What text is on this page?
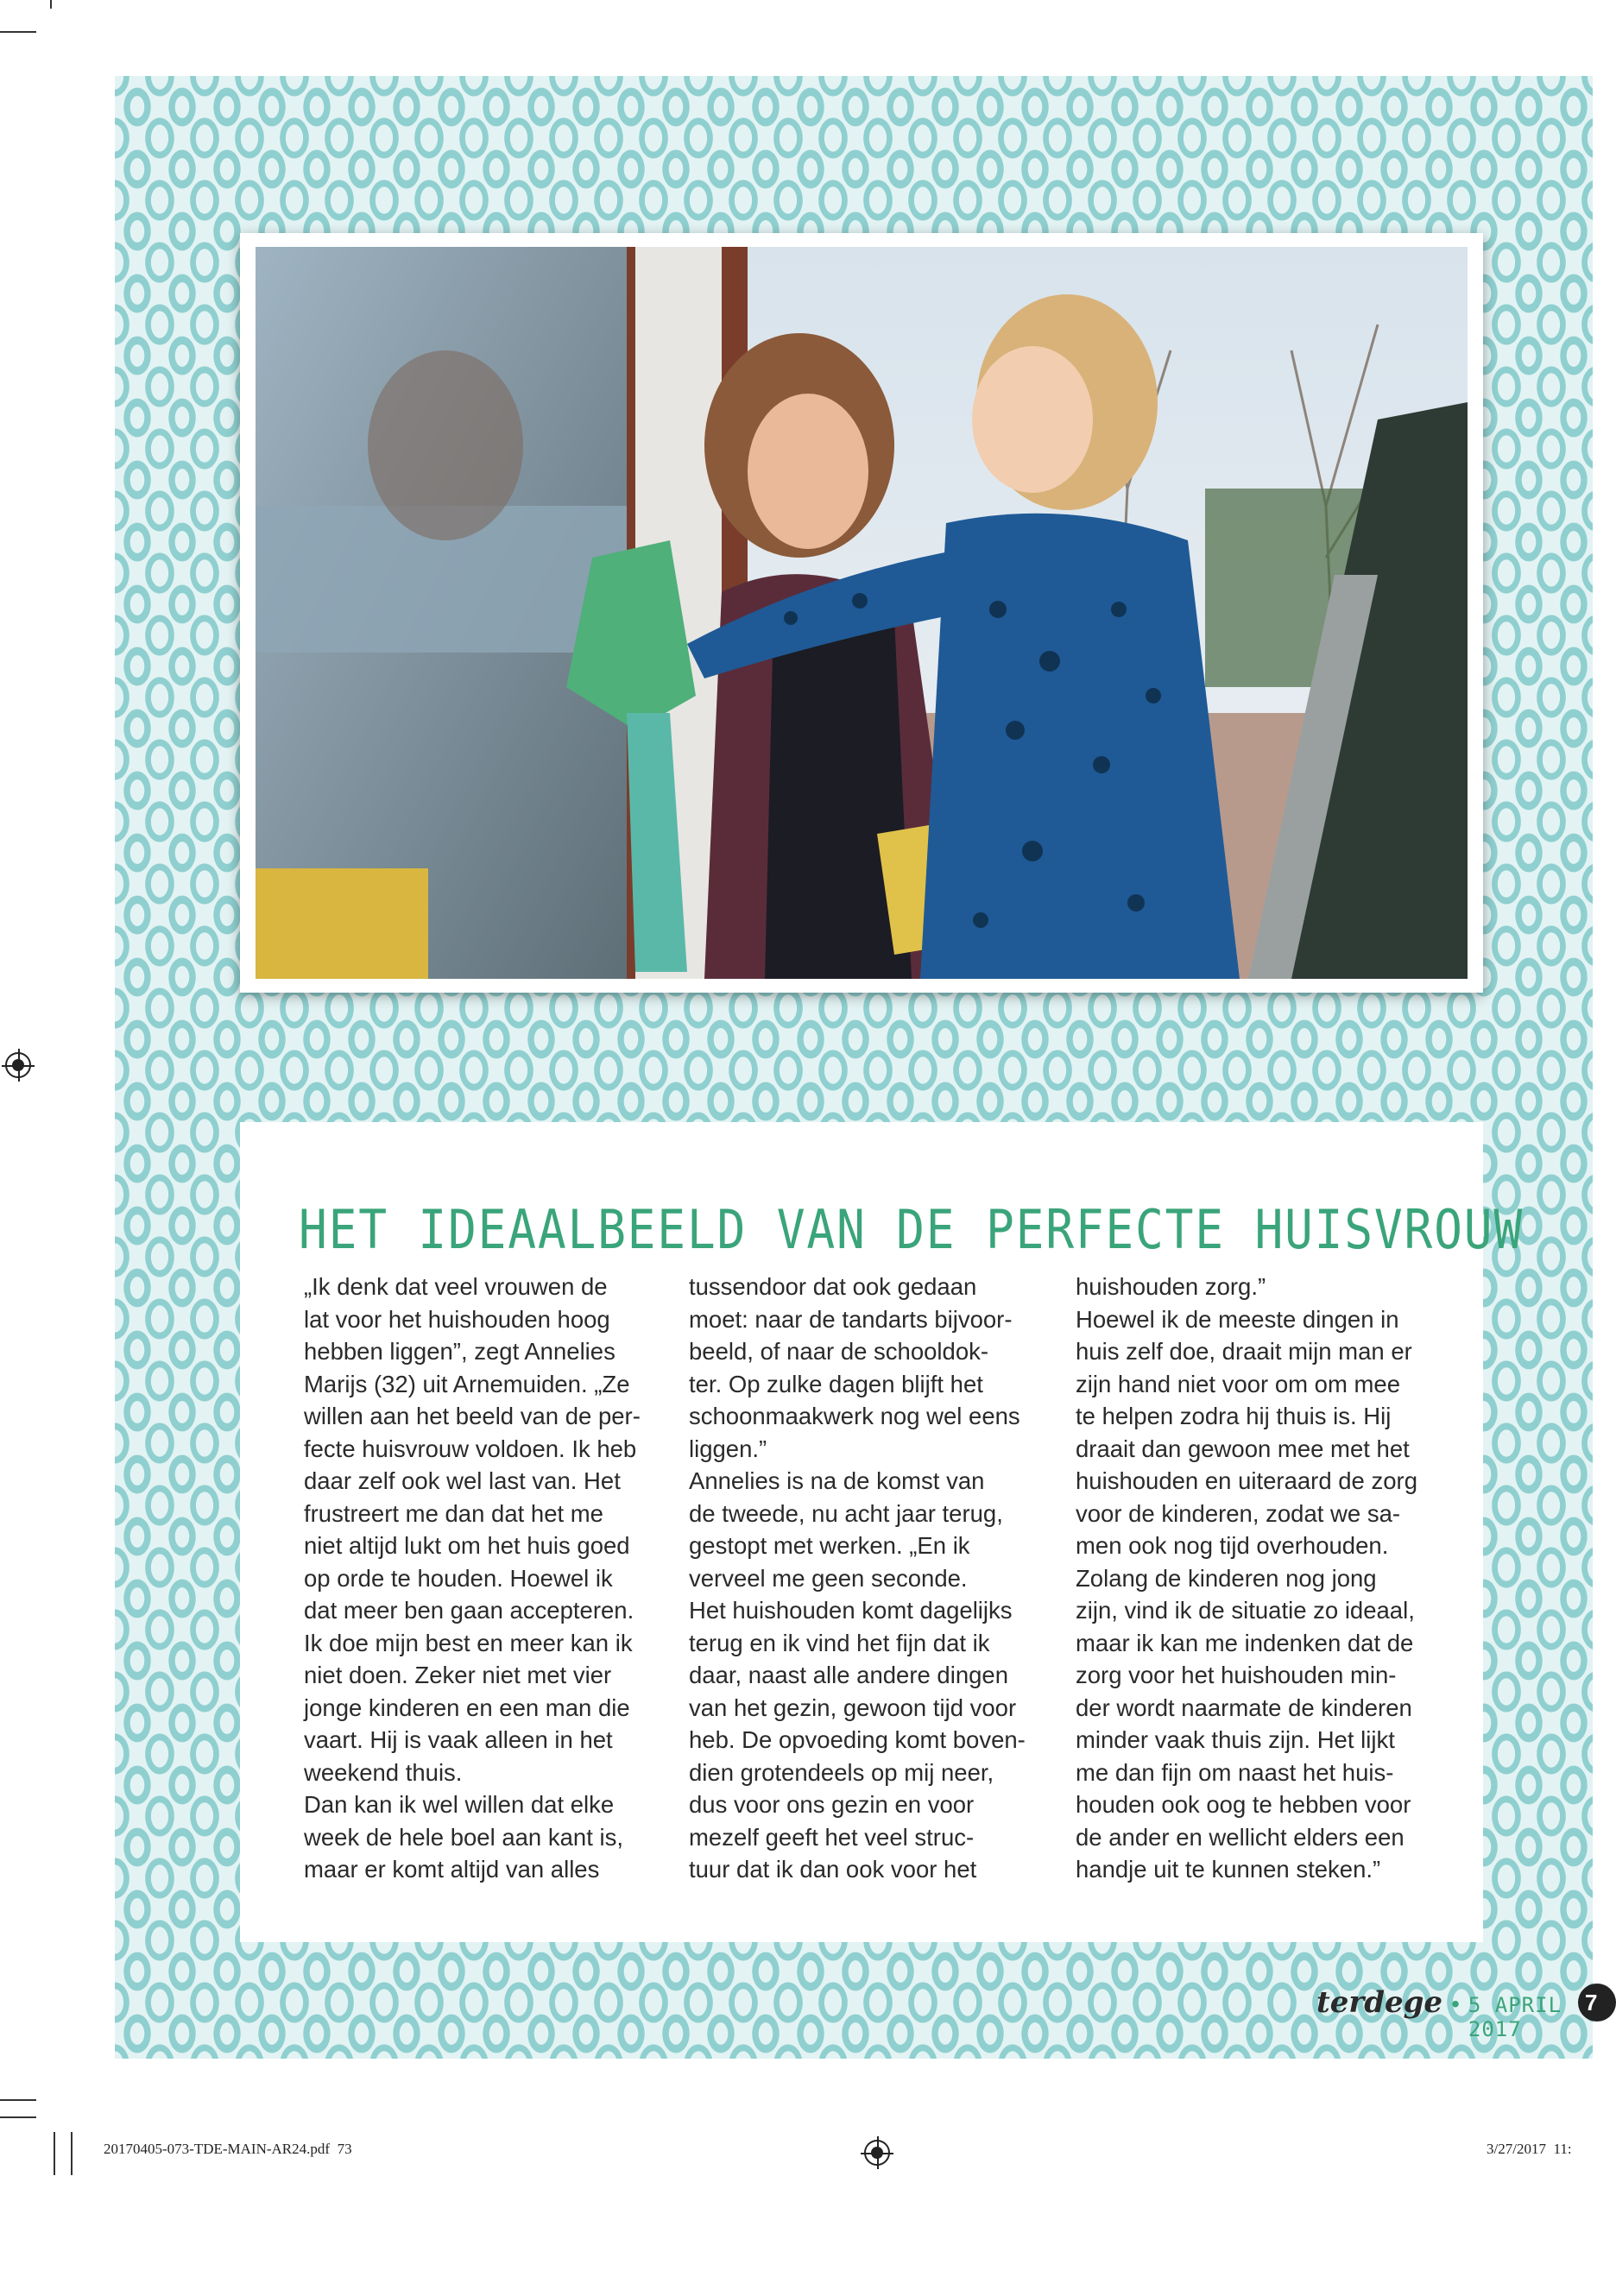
HET IDEAALBEELD VAN DE PERFECTE HUISVROUW

„Ik denk dat veel vrouwen de

lat voor het huishouden hoog

hebben liggen”, zegt Annelies

Marijs (32) uit Arnemuiden. „Ze

willen aan het beeld van de per-

fecte huisvrouw voldoen. Ik heb

daar zelf ook wel last van. Het

frustreert me dan dat het me

niet altijd lukt om het huis goed

op orde te houden. Hoewel ik

dat meer ben gaan accepteren.

Ik doe mijn best en meer kan ik

niet doen. Zeker niet met vier

jonge kinderen en een man die

vaart. Hij is vaak alleen in het

weekend thuis.

Dan kan ik wel willen dat elke

week de hele boel aan kant is,

maar er komt altijd van alles

tussendoor dat ook gedaan

moet: naar de tandarts bijvoor-

beeld, of naar de schooldok-

ter. Op zulke dagen blijft het

schoonmaakwerk nog wel eens

liggen.”

Annelies is na de komst van

de tweede, nu acht jaar terug,

gestopt met werken. „En ik

verveel me geen seconde.

Het huishouden komt dagelijks

terug en ik vind het fijn dat ik

daar, naast alle andere dingen

van het gezin, gewoon tijd voor

heb. De opvoeding komt boven-

dien grotendeels op mij neer,

dus voor ons gezin en voor

mezelf geeft het veel struc-

tuur dat ik dan ook voor het

huishouden zorg.”

Hoewel ik de meeste dingen in

huis zelf doe, draait mijn man er

zijn hand niet voor om om mee

te helpen zodra hij thuis is. Hij

draait dan gewoon mee met het

huishouden en uiteraard de zorg

voor de kinderen, zodat we sa-

men ook nog tijd overhouden.

Zolang de kinderen nog jong

zijn, vind ik de situatie zo ideaal,

maar ik kan me indenken dat de

zorg voor het huishouden min-

der wordt naarmate de kinderen

minder vaak thuis zijn. Het lijkt

me dan fijn om naast het huis-

houden ook oog te hebben voor

de ander en wellicht elders een

handje uit te kunnen steken.”

terdege • 5 APRIL 2017
7
20170405-073-TDE-MAIN-AR24.pdf 73	3/27/2017  11:
